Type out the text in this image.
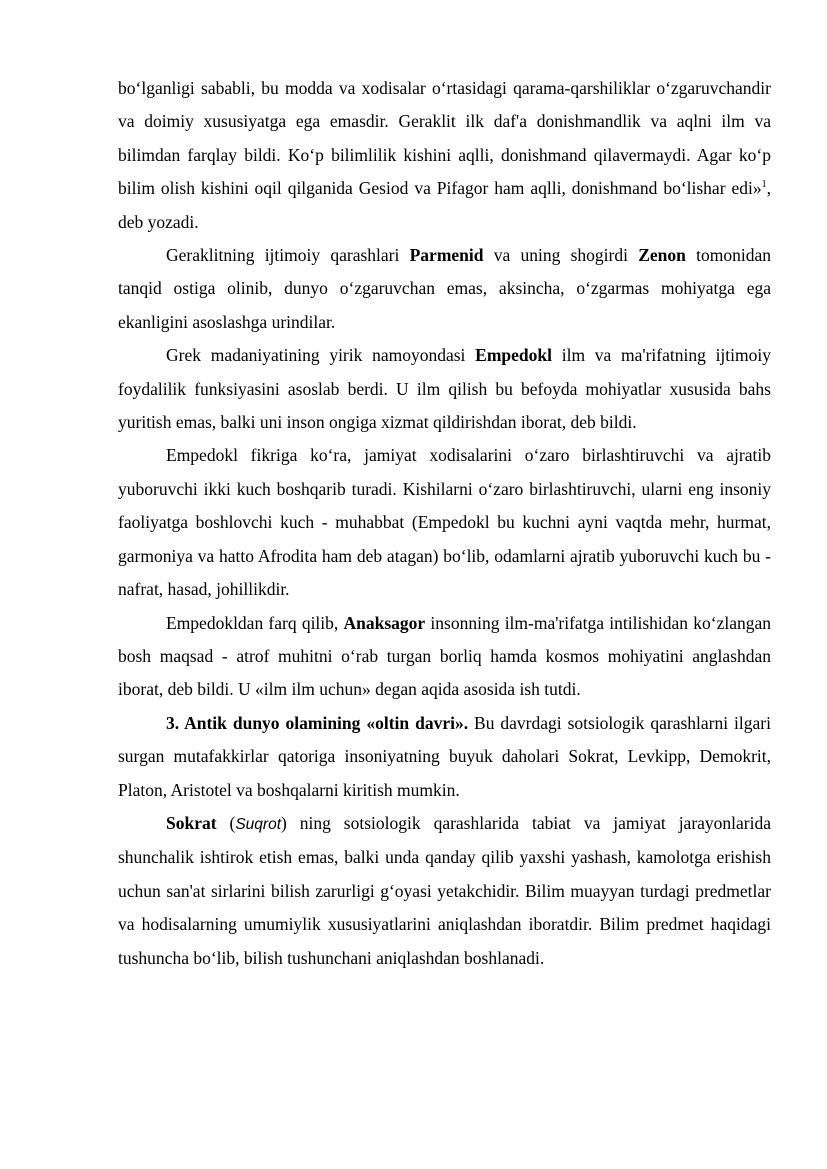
bo‘lganligi sababli, bu modda va xodisalar o‘rtasidagi qarama-qarshiliklar o‘zgaruvchandir va doimiy xususiyatga ega emasdir. Geraklit ilk daf'a donishmandlik va aqlni ilm va bilimdan farqlay bildi. Ko‘p bilimlilik kishini aqlli, donishmand qilavermaydi. Agar ko‘p bilim olish kishini oqil qilganida Gesiod va Pifagor ham aqlli, donishmand bo‘lishar edi»$^1$, deb yozadi.

Geraklitning ijtimoiy qarashlari Parmenid va uning shogirdi Zenon tomonidan tanqid ostiga olinib, dunyo o‘zgaruvchan emas, aksincha, o‘zgarmas mohiyatga ega ekanligini asoslashga urindilar.

Grek madaniyatining yirik namoyondasi Empedokl ilm va ma'rifatning ijtimoiy foydalilik funksiyasini asoslab berdi. U ilm qilish bu befoyda mohiyatlar xususida bahs yuritish emas, balki uni inson ongiga xizmat qildirishdan iborat, deb bildi.

Empedokl fikriga ko‘ra, jamiyat xodisalarini o‘zaro birlashtiruvchi va ajratib yuboruvchi ikki kuch boshqarib turadi. Kishilarni o‘zaro birlashtiruvchi, ularni eng insoniy faoliyatga boshlovchi kuch - muhabbat (Empedokl bu kuchni ayni vaqtda mehr, hurmat, garmoniya va hatto Afrodita ham deb atagan) bo‘lib, odamlarni ajratib yuboruvchi kuch bu - nafrat, hasad, johillikdir.

Empedokldan farq qilib, Anaksagor insonning ilm-ma'rifatga intilishidan ko‘zlangan bosh maqsad - atrof muhitni o‘rab turgan borliq hamda kosmos mohiyatini anglashdan iborat, deb bildi. U «ilm ilm uchun» degan aqida asosida ish tutdi.

3. Antik dunyo olamining «oltin davri». Bu davrdagi sotsiologik qarashlarni ilgari surgan mutafakkirlar qatoriga insoniyatning buyuk daholari Sokrat, Levkipp, Demokrit, Platon, Aristotel va boshqalarni kiritish mumkin.

Sokrat (Suqrot) ning sotsiologik qarashlarida tabiat va jamiyat jarayonlarida shunchalik ishtirok etish emas, balki unda qanday qilib yaxshi yashash, kamolotga erishish uchun san'at sirlarini bilish zarurligi g‘oyasi yetakchidir. Bilim muayyan turdagi predmetlar va hodisalarning umumiylik xususiyatlarini aniqlashdan iboratdir. Bilim predmet haqidagi tushuncha bo‘lib, bilish tushunchani aniqlashdan boshlanadi.
